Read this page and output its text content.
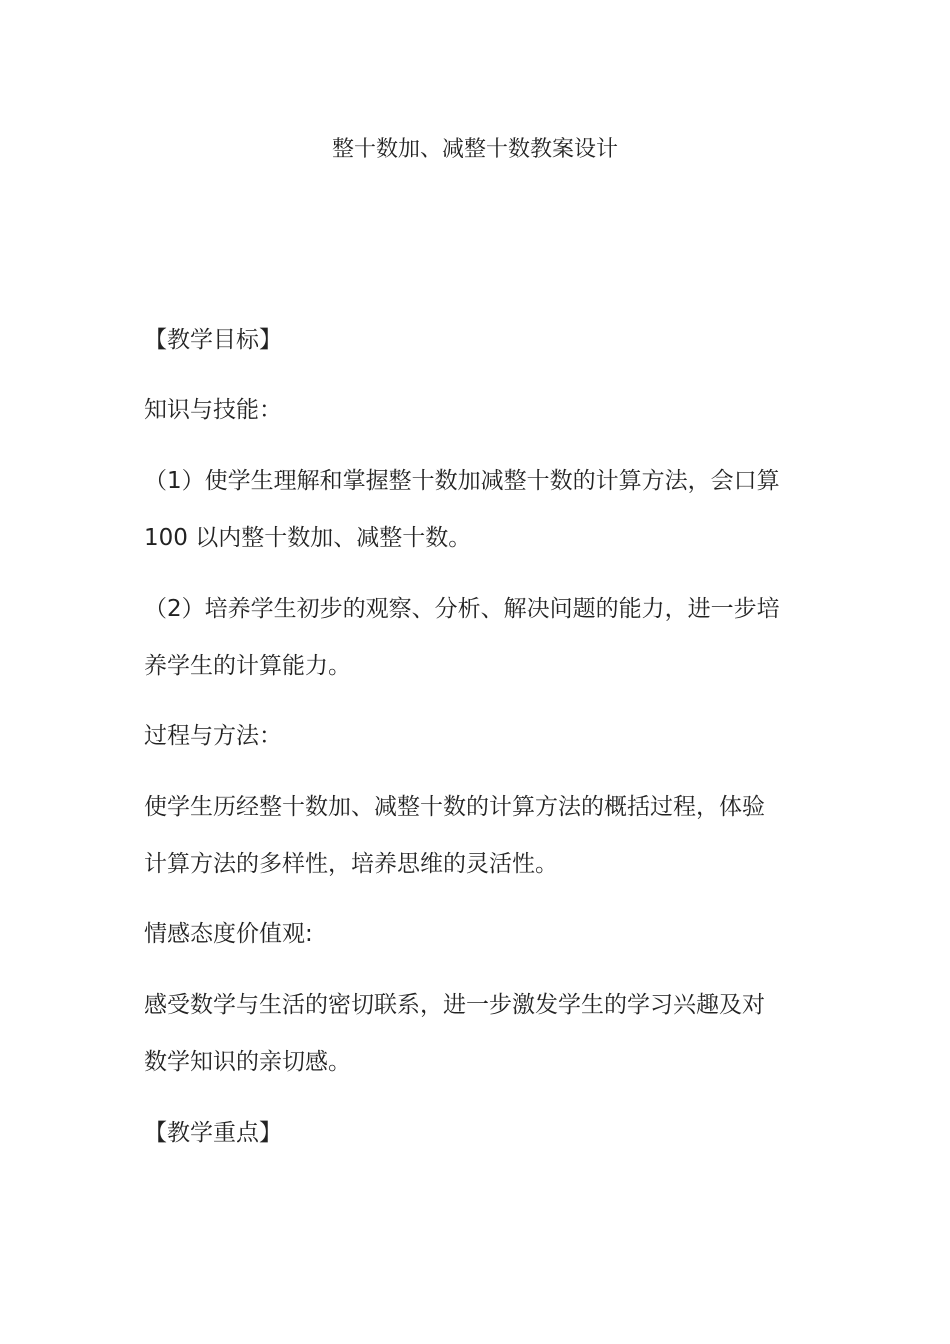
整十数加、减整十数教案设计
【教学目标】
知识与技能：
（1）使学生理解和掌握整十数加减整十数的计算方法，会口算
100 以内整十数加、减整十数。
（2）培养学生初步的观察、分析、解决问题的能力，进一步培
养学生的计算能力。
过程与方法：
使学生历经整十数加、减整十数的计算方法的概括过程，体验
计算方法的多样性，培养思维的灵活性。
情感态度价值观:
感受数学与生活的密切联系，进一步激发学生的学习兴趣及对
数学知识的亲切感。
【教学重点】
